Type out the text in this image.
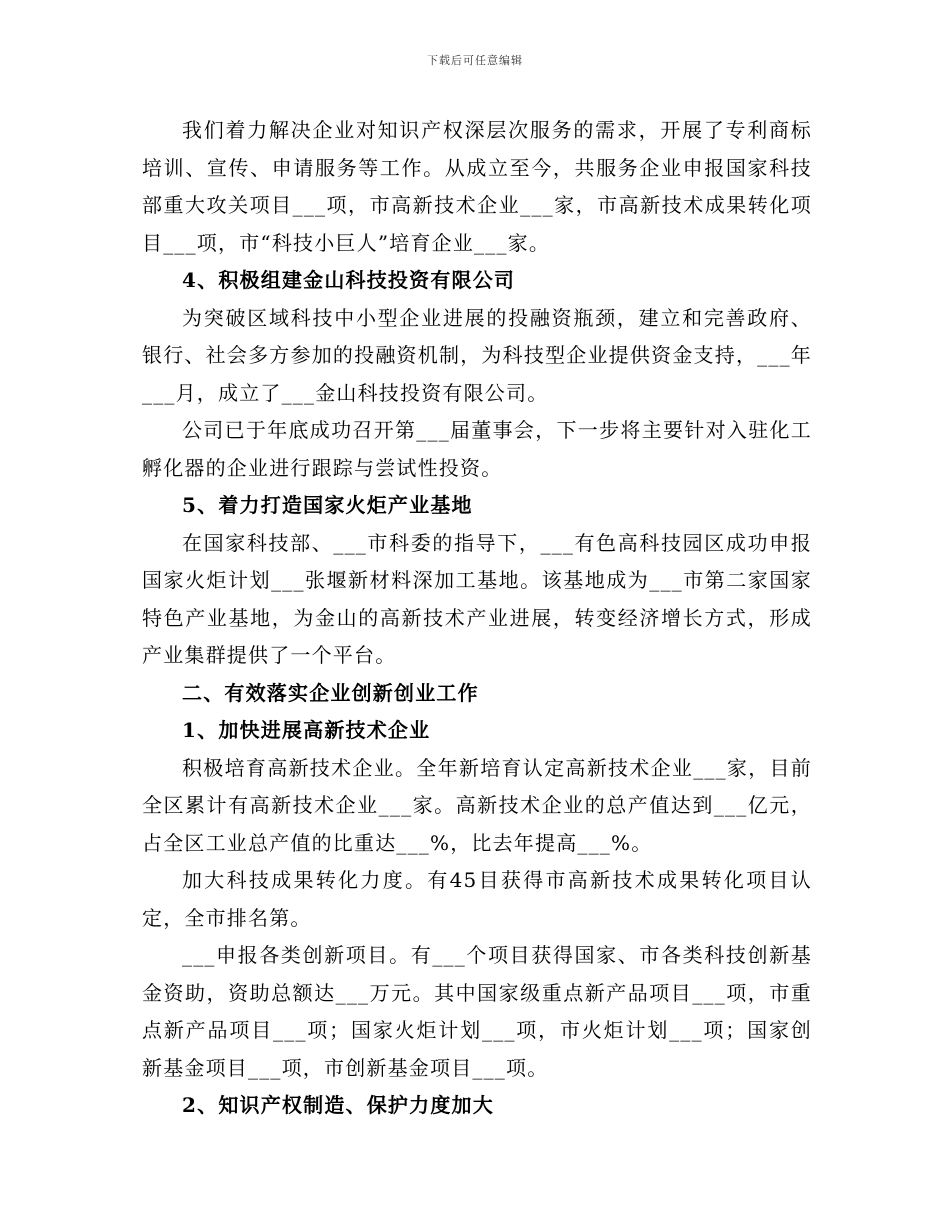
下载后可任意编辑

我们着力解决企业对知识产权深层次服务的需求，开展了专利商标培训、宣传、申请服务等工作。从成立至今，共服务企业申报国家科技部重大攻关项目___项，市高新技术企业___家，市高新技术成果转化项目___项，市“科技小巨人”培育企业___家。

4、积极组建金山科技投资有限公司

为突破区域科技中小型企业进展的投融资瓶颈，建立和完善政府、银行、社会多方参加的投融资机制，为科技型企业提供资金支持，___年___月，成立了___金山科技投资有限公司。

公司已于年底成功召开第___届董事会，下一步将主要针对入驻化工孵化器的企业进行跟踪与尝试性投资。

5、着力打造国家火炬产业基地

在国家科技部、___市科委的指导下，___有色高科技园区成功申报国家火炬计划___张堰新材料深加工基地。该基地成为___市第二家国家特色产业基地，为金山的高新技术产业进展，转变经济增长方式，形成产业集群提供了一个平台。

二、有效落实企业创新创业工作

1、加快进展高新技术企业

积极培育高新技术企业。全年新培育认定高新技术企业___家，目前全区累计有高新技术企业___家。高新技术企业的总产值达到___亿元，占全区工业总产值的比重达___%，比去年提高___%。

加大科技成果转化力度。有45目获得市高新技术成果转化项目认定，全市排名第。

___申报各类创新项目。有___个项目获得国家、市各类科技创新基金资助，资助总额达___万元。其中国家级重点新产品项目___项，市重点新产品项目___项；国家火炬计划___项，市火炬计划___项；国家创新基金项目___项，市创新基金项目___项。

2、知识产权制造、保护力度加大
